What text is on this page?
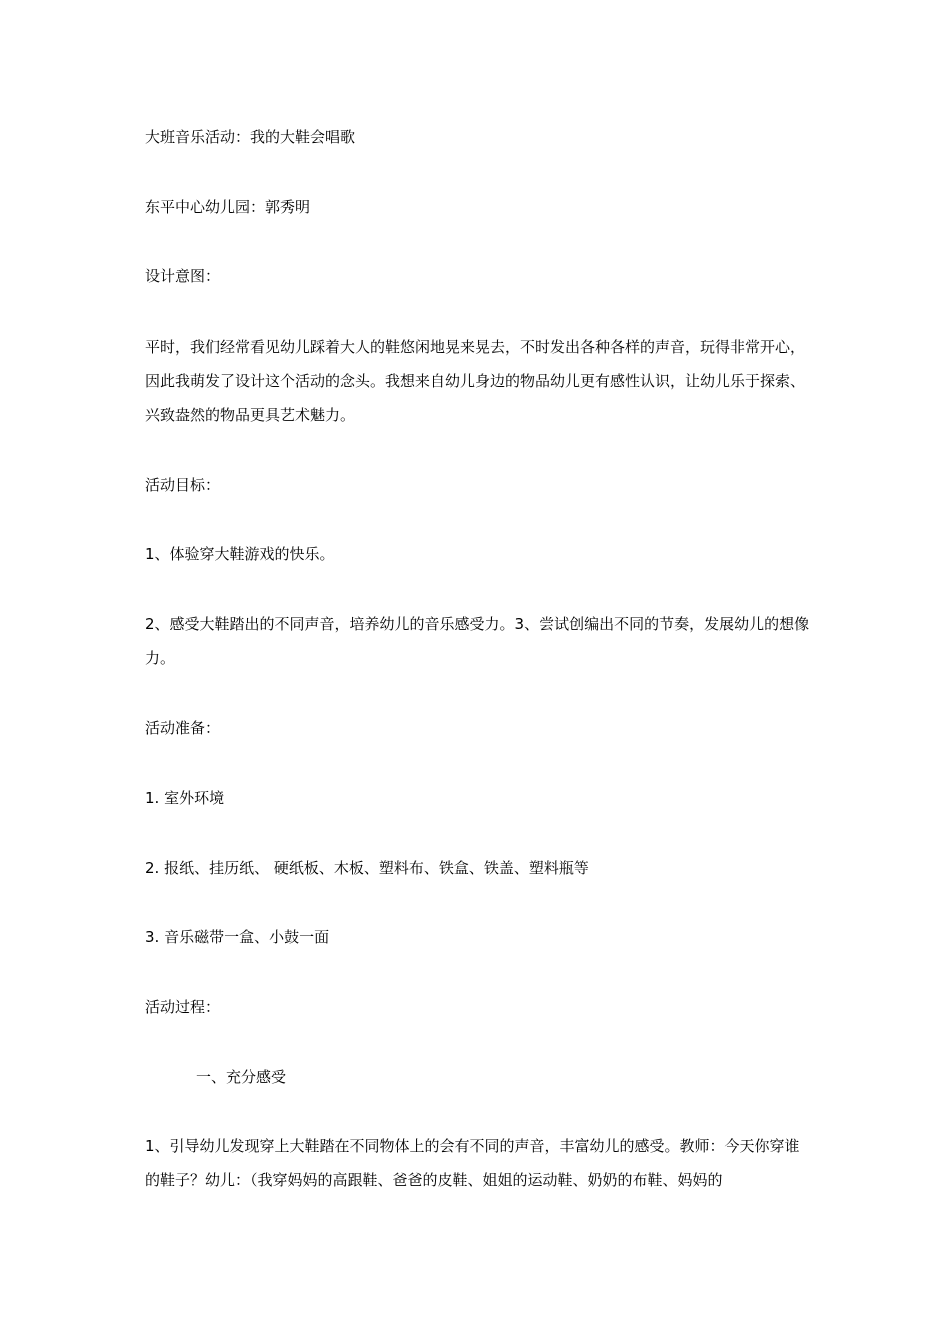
大班音乐活动：我的大鞋会唱歌

东平中心幼儿园：郭秀明

设计意图：

平时，我们经常看见幼儿踩着大人的鞋悠闲地晃来晃去，不时发出各种各样的声音，玩得非常开心，因此我萌发了设计这个活动的念头。我想来自幼儿身边的物品幼儿更有感性认识，让幼儿乐于探索、兴致盎然的物品更具艺术魅力。

活动目标：

1、体验穿大鞋游戏的快乐。

2、感受大鞋踏出的不同声音，培养幼儿的音乐感受力。3、尝试创编出不同的节奏，发展幼儿的想像力。

活动准备：

1. 室外环境

2. 报纸、挂历纸、 硬纸板、木板、塑料布、铁盒、铁盖、塑料瓶等

3. 音乐磁带一盒、小鼓一面

活动过程：

一、充分感受

1、引导幼儿发现穿上大鞋踏在不同物体上的会有不同的声音，丰富幼儿的感受。教师：今天你穿谁的鞋子？幼儿：（我穿妈妈的高跟鞋、爸爸的皮鞋、姐姐的运动鞋、奶奶的布鞋、妈妈的
